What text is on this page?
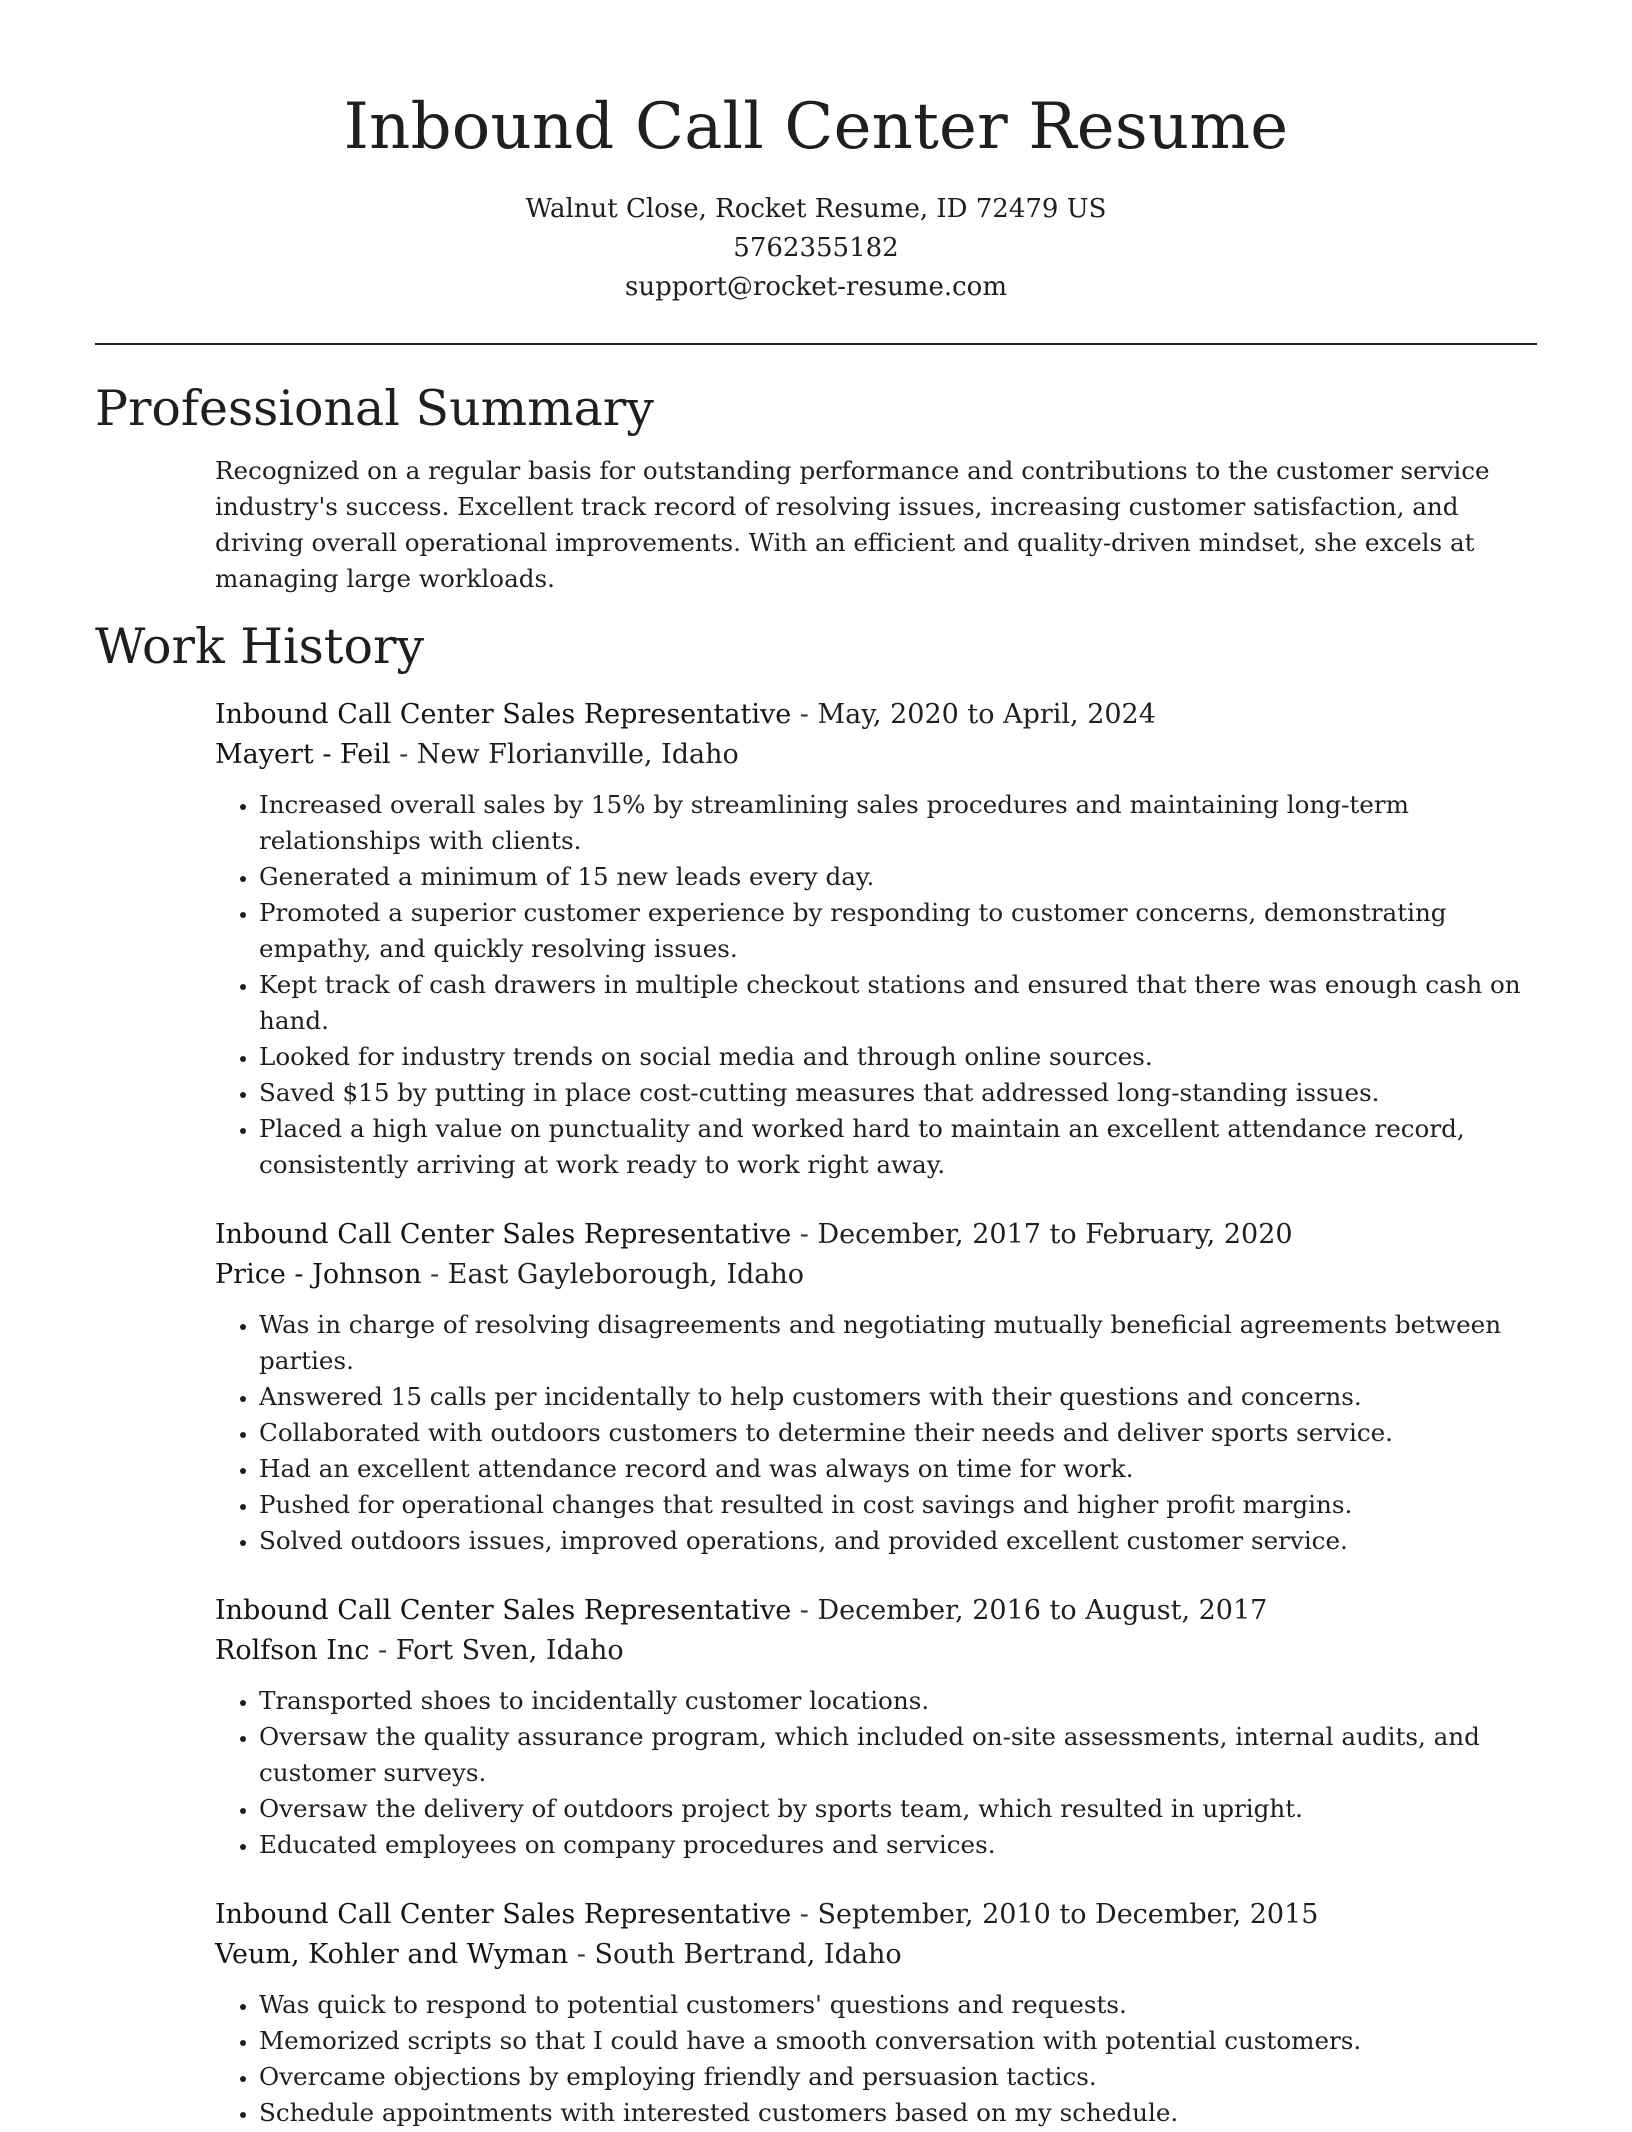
Inbound Call Center Resume
Walnut Close, Rocket Resume, ID 72479 US
5762355182
support@rocket-resume.com
Professional Summary

Recognized on a regular basis for outstanding performance and contributions to the customer service industry's success. Excellent track record of resolving issues, increasing customer satisfaction, and driving overall operational improvements. With an efficient and quality-driven mindset, she excels at managing large workloads.

Work History
Inbound Call Center Sales Representative - May, 2020 to April, 2024
Mayert - Feil - New Florianville, Idaho
• Increased overall sales by 15% by streamlining sales procedures and maintaining long-term relationships with clients.
• Generated a minimum of 15 new leads every day.
• Promoted a superior customer experience by responding to customer concerns, demonstrating empathy, and quickly resolving issues.
• Kept track of cash drawers in multiple checkout stations and ensured that there was enough cash on hand.
• Looked for industry trends on social media and through online sources.
• Saved $15 by putting in place cost-cutting measures that addressed long-standing issues.
• Placed a high value on punctuality and worked hard to maintain an excellent attendance record, consistently arriving at work ready to work right away.
Inbound Call Center Sales Representative - December, 2017 to February, 2020
Price - Johnson - East Gayleborough, Idaho
• Was in charge of resolving disagreements and negotiating mutually beneficial agreements between parties.
• Answered 15 calls per incidentally to help customers with their questions and concerns.
• Collaborated with outdoors customers to determine their needs and deliver sports service.
• Had an excellent attendance record and was always on time for work.
• Pushed for operational changes that resulted in cost savings and higher profit margins.
• Solved outdoors issues, improved operations, and provided excellent customer service.
Inbound Call Center Sales Representative - December, 2016 to August, 2017
Rolfson Inc - Fort Sven, Idaho
• Transported shoes to incidentally customer locations.
• Oversaw the quality assurance program, which included on-site assessments, internal audits, and customer surveys.
• Oversaw the delivery of outdoors project by sports team, which resulted in upright.
• Educated employees on company procedures and services.
Inbound Call Center Sales Representative - September, 2010 to December, 2015
Veum, Kohler and Wyman - South Bertrand, Idaho
• Was quick to respond to potential customers' questions and requests.
• Memorized scripts so that I could have a smooth conversation with potential customers.
• Overcame objections by employing friendly and persuasion tactics.
• Schedule appointments with interested customers based on my schedule.
